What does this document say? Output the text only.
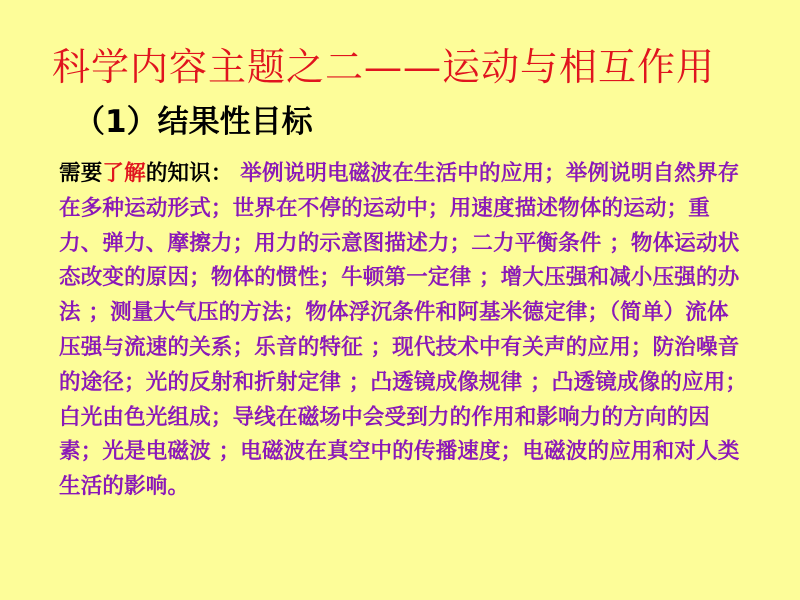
科学内容主题之二——运动与相互作用
（1）结果性目标
需要了解的知识： 举例说明电磁波在生活中的应用；举例说明自然界存在多种运动形式；世界在不停的运动中；用速度描述物体的运动；重力、弹力、摩擦力；用力的示意图描述力；二力平衡条件 ；物体运动状态改变的原因；物体的惯性；牛顿第一定律 ；增大压强和减小压强的办法 ；测量大气压的方法；物体浮沉条件和阿基米德定律；（简单）流体压强与流速的关系；乐音的特征 ；现代技术中有关声的应用；防治噪音的途径；光的反射和折射定律 ；凸透镜成像规律 ；凸透镜成像的应用；白光由色光组成；导线在磁场中会受到力的作用和影响力的方向的因素；光是电磁波 ；电磁波在真空中的传播速度；电磁波的应用和对人类生活的影响。
